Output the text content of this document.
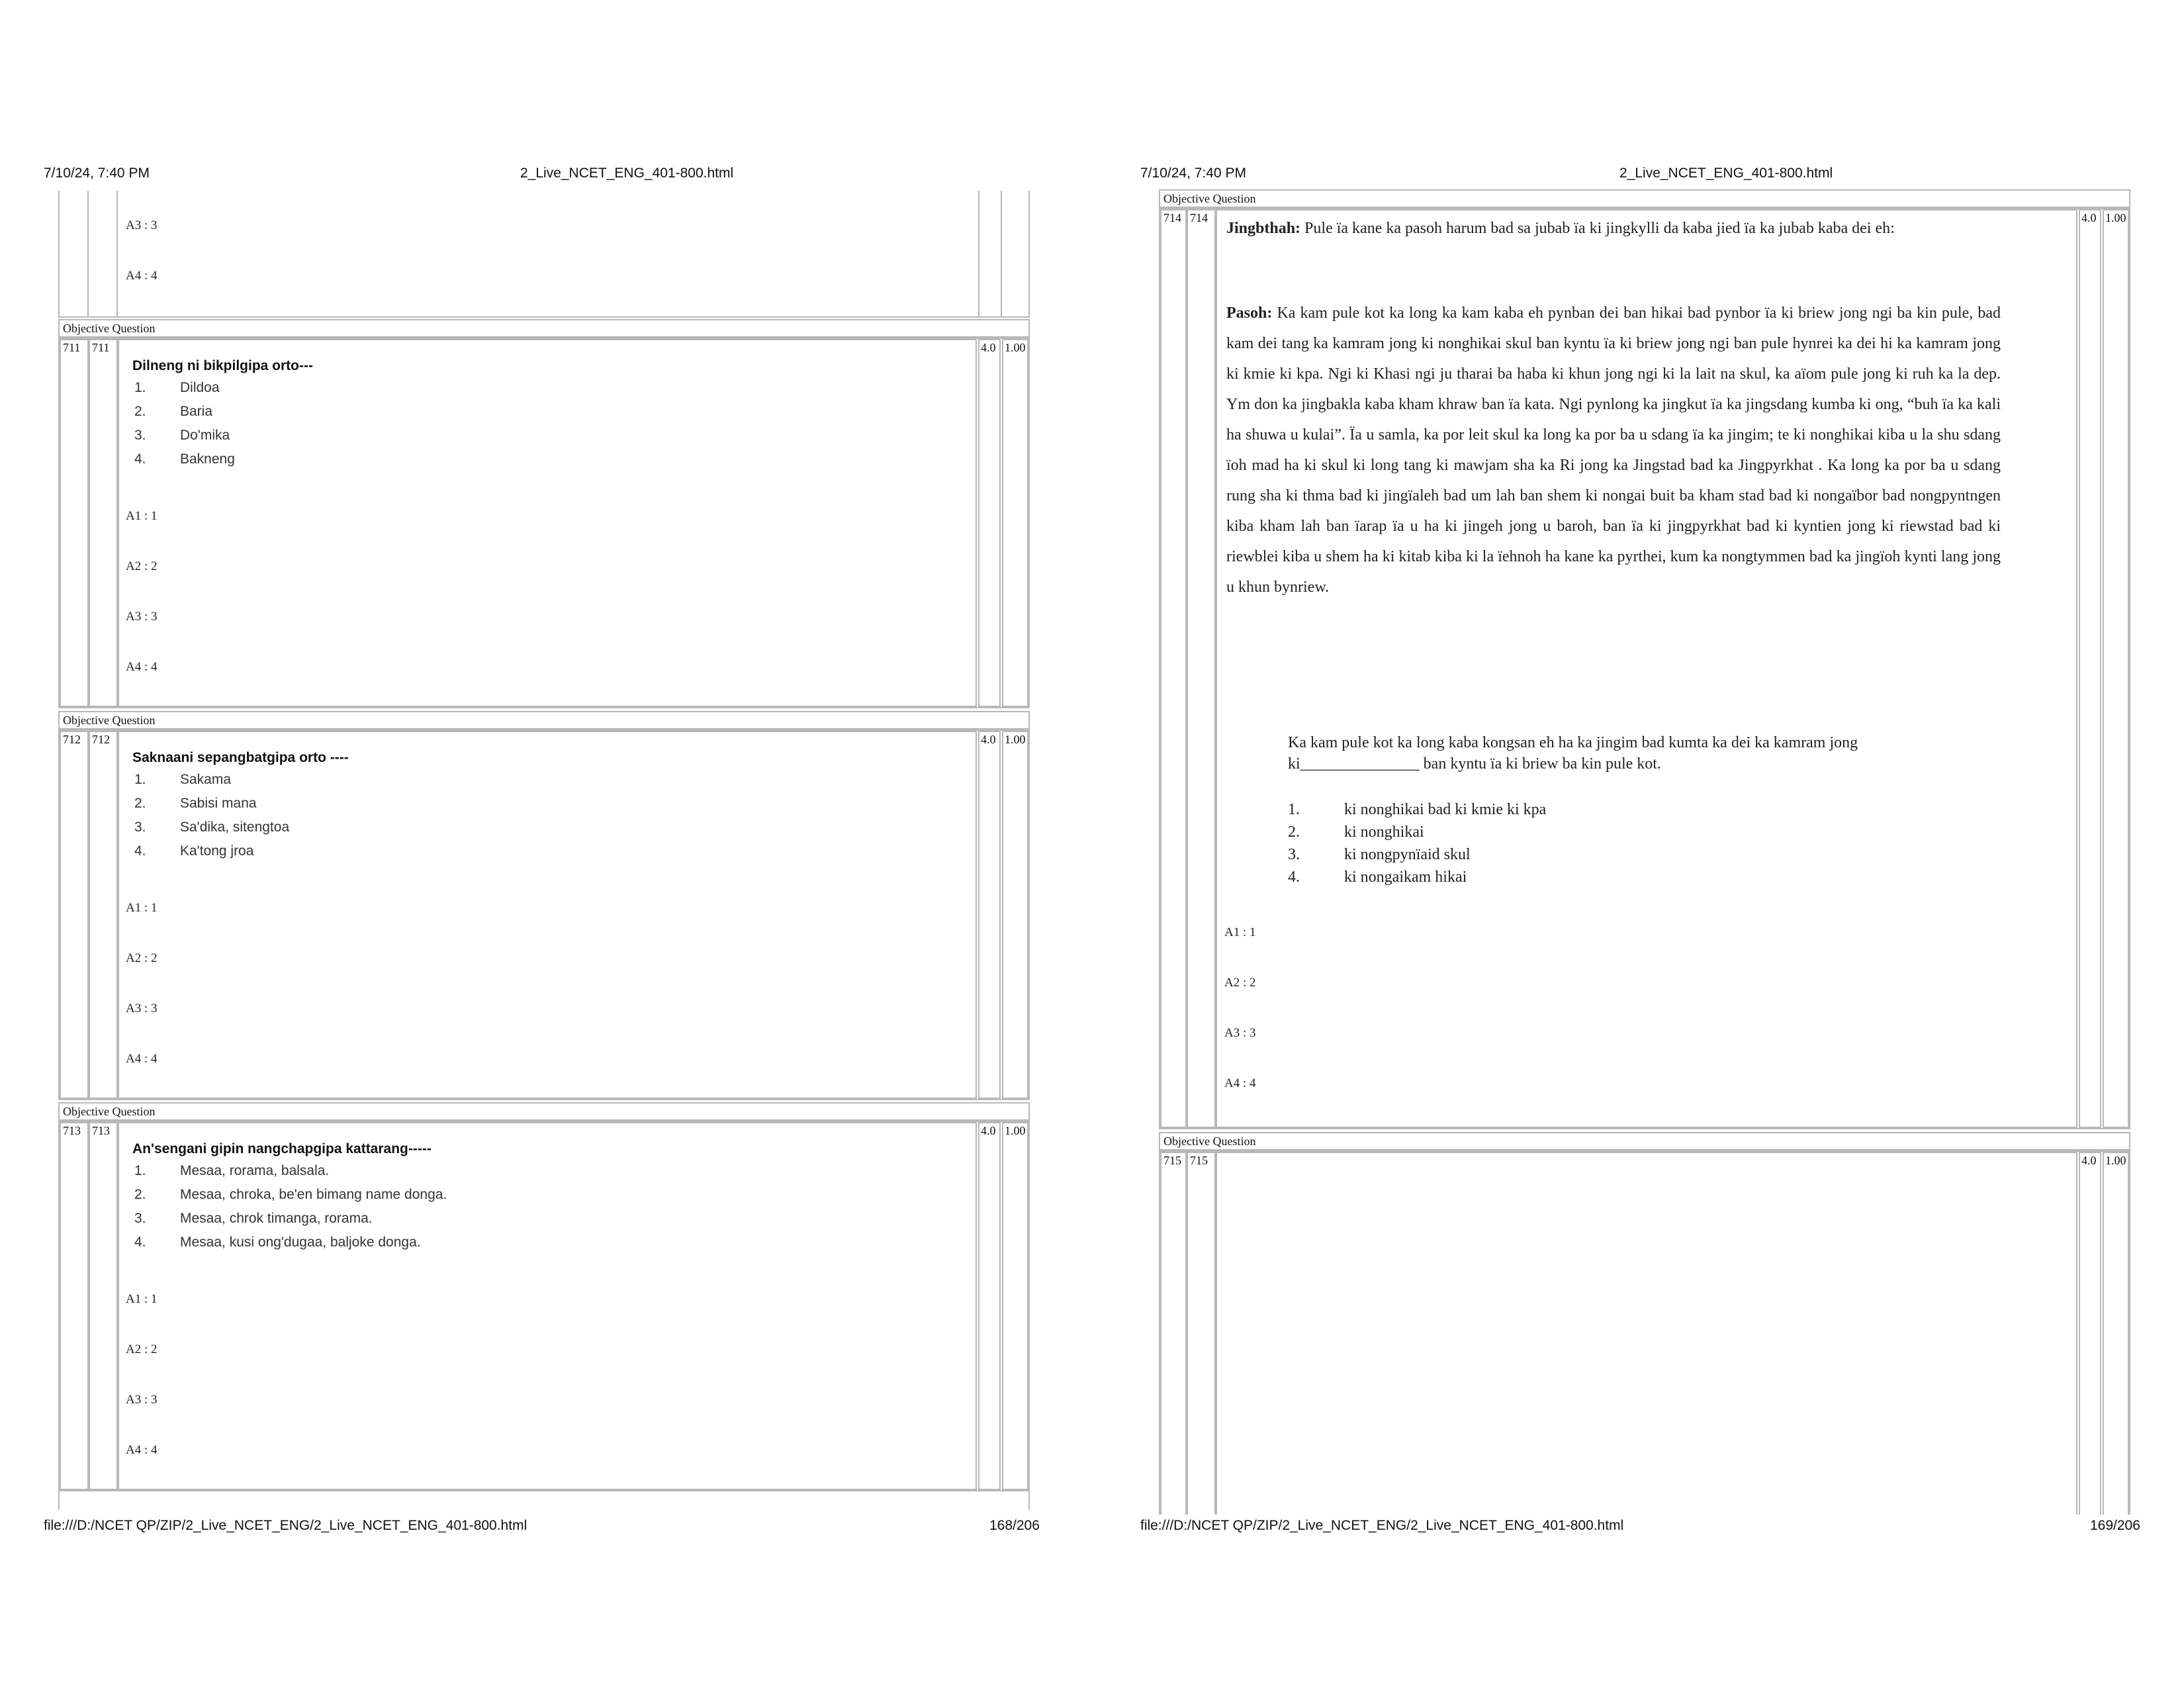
7/10/24, 7:40 PM	2_Live_NCET_ENG_401-800.html
A3 : 3
A4 : 4
Objective Question
711 711	4.0 1.00
Dilneng ni bikpilgipa orto---
1. Dildoa
2. Baria
3. Do'mika
4. Bakneng
A1 : 1
A2 : 2
A3 : 3
A4 : 4
Objective Question
712 712	4.0 1.00
Saknaani sepangbatgipa orto ----
1. Sakama
2. Sabisi mana
3. Sa'dika, sitengtoa
4. Ka'tong jroa
A1 : 1
A2 : 2
A3 : 3
A4 : 4
Objective Question
713 713	4.0 1.00
An'sengani gipin nangchapgipa kattarang-----
1. Mesaa, rorama, balsala.
2. Mesaa, chroka, be'en bimang name donga.
3. Mesaa, chrok timanga, rorama.
4. Mesaa, kusi ong'dugaa, baljoke donga.
A1 : 1
A2 : 2
A3 : 3
A4 : 4
file:///D:/NCET QP/ZIP/2_Live_NCET_ENG/2_Live_NCET_ENG_401-800.html	168/206
7/10/24, 7:40 PM	2_Live_NCET_ENG_401-800.html
Objective Question
714 714	4.0 1.00
Jingbthah: Pule ïa kane ka pasoh harum bad sa jubab ïa ki jingkylli da kaba jied ïa ka jubab kaba dei eh:
Pasoh: Ka kam pule kot ka long ka kam kaba eh pynban dei ban hikai bad pynbor ïa ki briew jong ngi ba kin pule, bad kam dei tang ka kamram jong ki nonghikai skul ban kyntu ïa ki briew jong ngi ban pule hynrei ka dei hi ka kamram jong ki kmie ki kpa. Ngi ki Khasi ngi ju tharai ba haba ki khun jong ngi ki la lait na skul, ka aïom pule jong ki ruh ka la dep. Ym don ka jingbakla kaba kham khraw ban ïa kata. Ngi pynlong ka jingkut ïa ka jingsdang kumba ki ong, “buh ïa ka kali ha shuwa u kulai”. Ïa u samla, ka por leit skul ka long ka por ba u sdang ïa ka jingim; te ki nonghikai kiba u la shu sdang ïoh mad ha ki skul ki long tang ki mawjam sha ka Ri jong ka Jingstad bad ka Jingpyrkhat . Ka long ka por ba u sdang rung sha ki thma bad ki jingïaleh bad um lah ban shem ki nongai buit ba kham stad bad ki nongaïbor bad nongpyntngen kiba kham lah ban ïarap ïa u ha ki jingeh jong u baroh, ban ïa ki jingpyrkhat bad ki kyntien jong ki riewstad bad ki riewblei kiba u shem ha ki kitab kiba ki la ïehnoh ha kane ka pyrthei, kum ka nongtymmen bad ka jingïoh kynti lang jong u khun bynriew.
Ka kam pule kot ka long kaba kongsan eh ha ka jingim bad kumta ka dei ka kamram jong
ki_______________ ban kyntu ïa ki briew ba kin pule kot.
1.	ki nonghikai bad ki kmie ki kpa
2.	ki nonghikai
3.	ki nongpynïaid skul
4.	ki nongaikam hikai
A1 : 1
A2 : 2
A3 : 3
A4 : 4
Objective Question
715 715	4.0 1.00
file:///D:/NCET QP/ZIP/2_Live_NCET_ENG/2_Live_NCET_ENG_401-800.html	169/206
